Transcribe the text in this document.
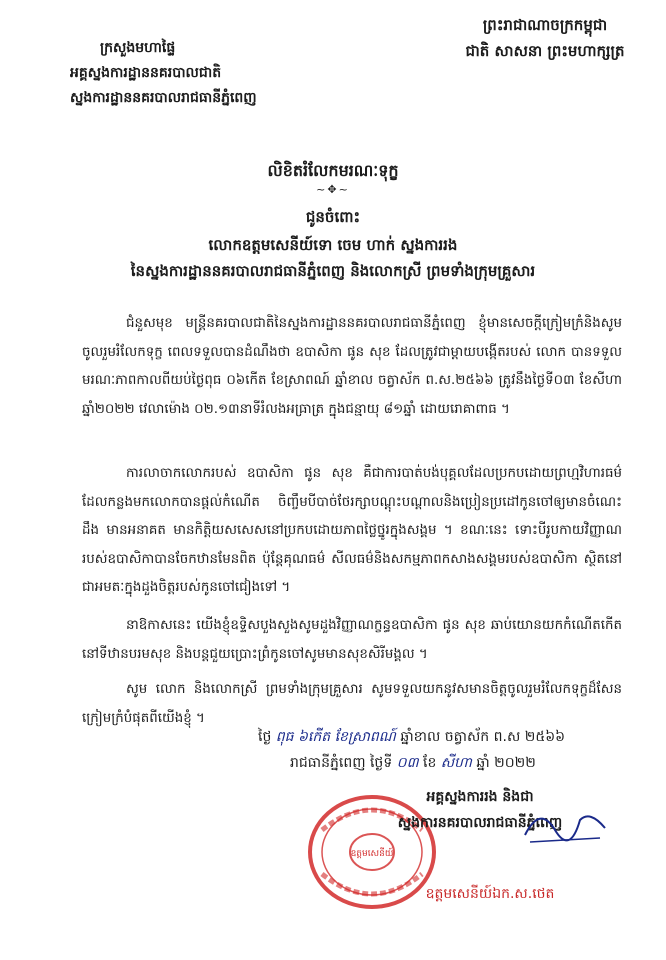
ព្រះរាជាណាចក្រកម្ពុជា
ជាតិ សាសនា ព្រះមហាក្សត្រ
ក្រសួងមហាផ្ទៃ
អគ្គស្នងការដ្ឋាននគរបាលជាតិ
ស្នងការដ្ឋាននគរបាលរាជធានីភ្នំពេញ
លិខិតរំលែកមរណៈទុក្ខ
~✥~
ជូនចំពោះ
លោកឧត្តមសេនីយ៍ទោ ចេម ហាក់ ស្នងការរង
នៃស្នងការដ្ឋាននគរបាលរាជធានីភ្នំពេញ និងលោកស្រី ព្រមទាំងក្រុមគ្រួសារ
ជំនួសមុខ មន្រ្តីនគរបាលជាតិនៃស្នងការដ្ឋាននគរបាលរាជធានីភ្នំពេញ ខ្ញុំមានសេចក្តីក្រៀមក្រំនិងសូមចូលរួមរំលែកទុក្ខ ពេលទទួលបានដំណឹងថា ឧបាសិកា ផូន សុខ ដែលត្រូវជាម្តាយបង្កើតរបស់ លោក បានទទួលមរណៈភាពកាលពីយប់ថ្ងៃពុធ ០៦កើត ខែស្រាពណ៍ ឆ្នាំខាល ចត្វាស័ក ព.ស.២៥៦៦ ត្រូវនឹងថ្ងៃទី០៣ ខែសីហា ឆ្នាំ២០២២ វេលាម៉ោង ០២.១៣នាទីរំលងអធ្រាត្រ ក្នុងជន្មាយុ ៨១ឆ្នាំ ដោយរោគាពាធ ។
ការលាចាកលោករបស់ ឧបាសិកា ផូន សុខ គឺជាការបាត់បង់បុគ្គលដែលប្រកបដោយព្រហ្មវិហារធម៌ ដែលកន្លងមកលោកបានផ្តល់កំណើត ចិញ្ចឹមបីបាច់ថែរក្សាបណ្តុះបណ្តាលនិងប្រៀនប្រដៅកូនចៅឲ្យមានចំណេះដឹង មានអនាគត មានកិត្តិយសសេសនៅប្រកបដោយភាពថ្លៃថ្នូរក្នុងសង្គម ។ ខណៈនេះ ទោះបីរូបកាយវិញ្ញាណរបស់ឧបាសិកាបានចែកឋានមែនពិត ប៉ុន្តែគុណធម៌ សីលធម៌និងសកម្មភាពកសាងសង្គមរបស់ឧបាសិកា ស្ថិតនៅជាអមតៈក្នុងដួងចិត្តរបស់កូនចៅជៀងទៅ ។
នាឱកាសនេះ យើងខ្ញុំឧទ្ទិសបួងសួងសូមដួងវិញ្ញាណក្ខន្ធឧបាសិកា ផូន សុខ ឆាប់យោនយកកំណើតកើតនៅទីឋានបរមសុខ និងបន្តជួយប្រោះព្រំកូនចៅសូមមានសុខសិរីមង្គល ។
សូម លោក និងលោកស្រី ព្រមទាំងក្រុមគ្រួសារ សូមទទួលយកនូវសមានចិត្តចូលរួមរំលែកទុក្ខដ៏សែនក្រៀមក្រំបំផុតពីយើងខ្ញុំ ។
ថ្ងៃ ពុធ ៦កើត ខែស្រាពណ៍ ឆ្នាំខាល ចត្វាស័ក ព.ស ២៥៦៦
រាជធានីភ្នំពេញ ថ្ងៃទី ០៣ ខែ សីហា ឆ្នាំ ២០២២
ឧត្តមសេនីយ៍
អគ្គស្នងការរង និងជា
ស្នងការនគរបាលរាជធានីភ្នំពេញ
ឧត្តមសេនីយ៍ឯក.ស.ថេត
